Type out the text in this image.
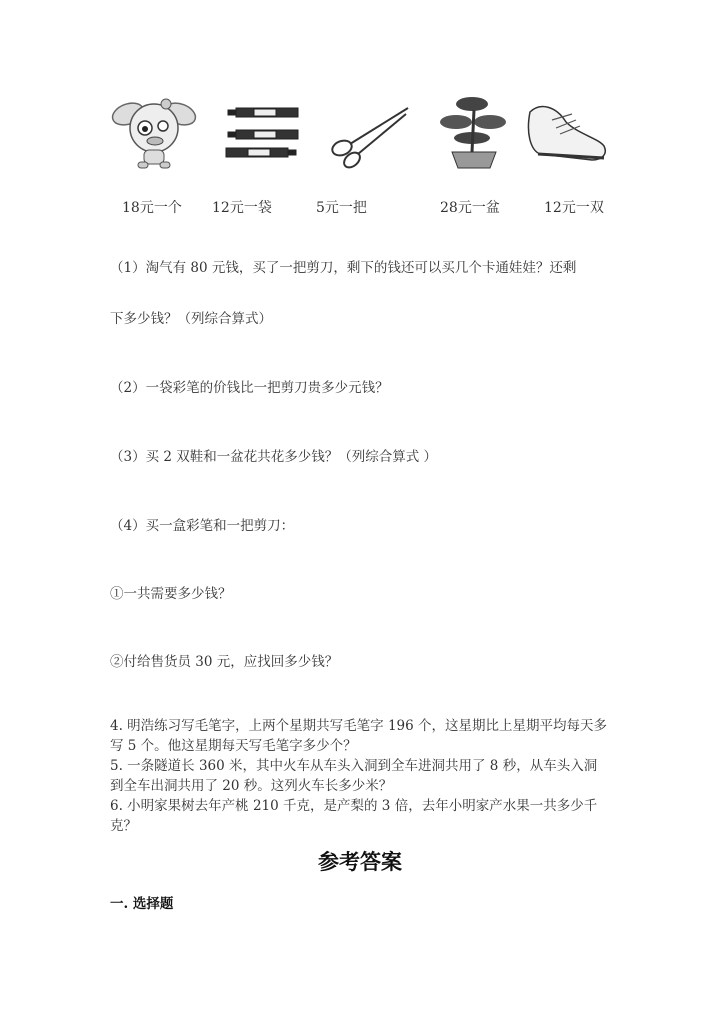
18元一个 12元一袋	5元一把	28元一盆	12元一双
（1）淘气有 80 元钱，买了一把剪刀，剩下的钱还可以买几个卡通娃娃？还剩
下多少钱？（列综合算式）
（2）一袋彩笔的价钱比一把剪刀贵多少元钱？
（3）买 2 双鞋和一盆花共花多少钱？（列综合算式 ）
（4）买一盒彩笔和一把剪刀：
①一共需要多少钱？
②付给售货员 30 元，应找回多少钱？
4. 明浩练习写毛笔字，上两个星期共写毛笔字 196 个，这星期比上星期平均每天多写 5 个。他这星期每天写毛笔字多少个？
5. 一条隧道长 360 米，其中火车从车头入洞到全车进洞共用了 8 秒，从车头入洞到全车出洞共用了 20 秒。这列火车长多少米？
6. 小明家果树去年产桃 210 千克，是产梨的 3 倍，去年小明家产水果一共多少千克？
参考答案
一. 选择题
